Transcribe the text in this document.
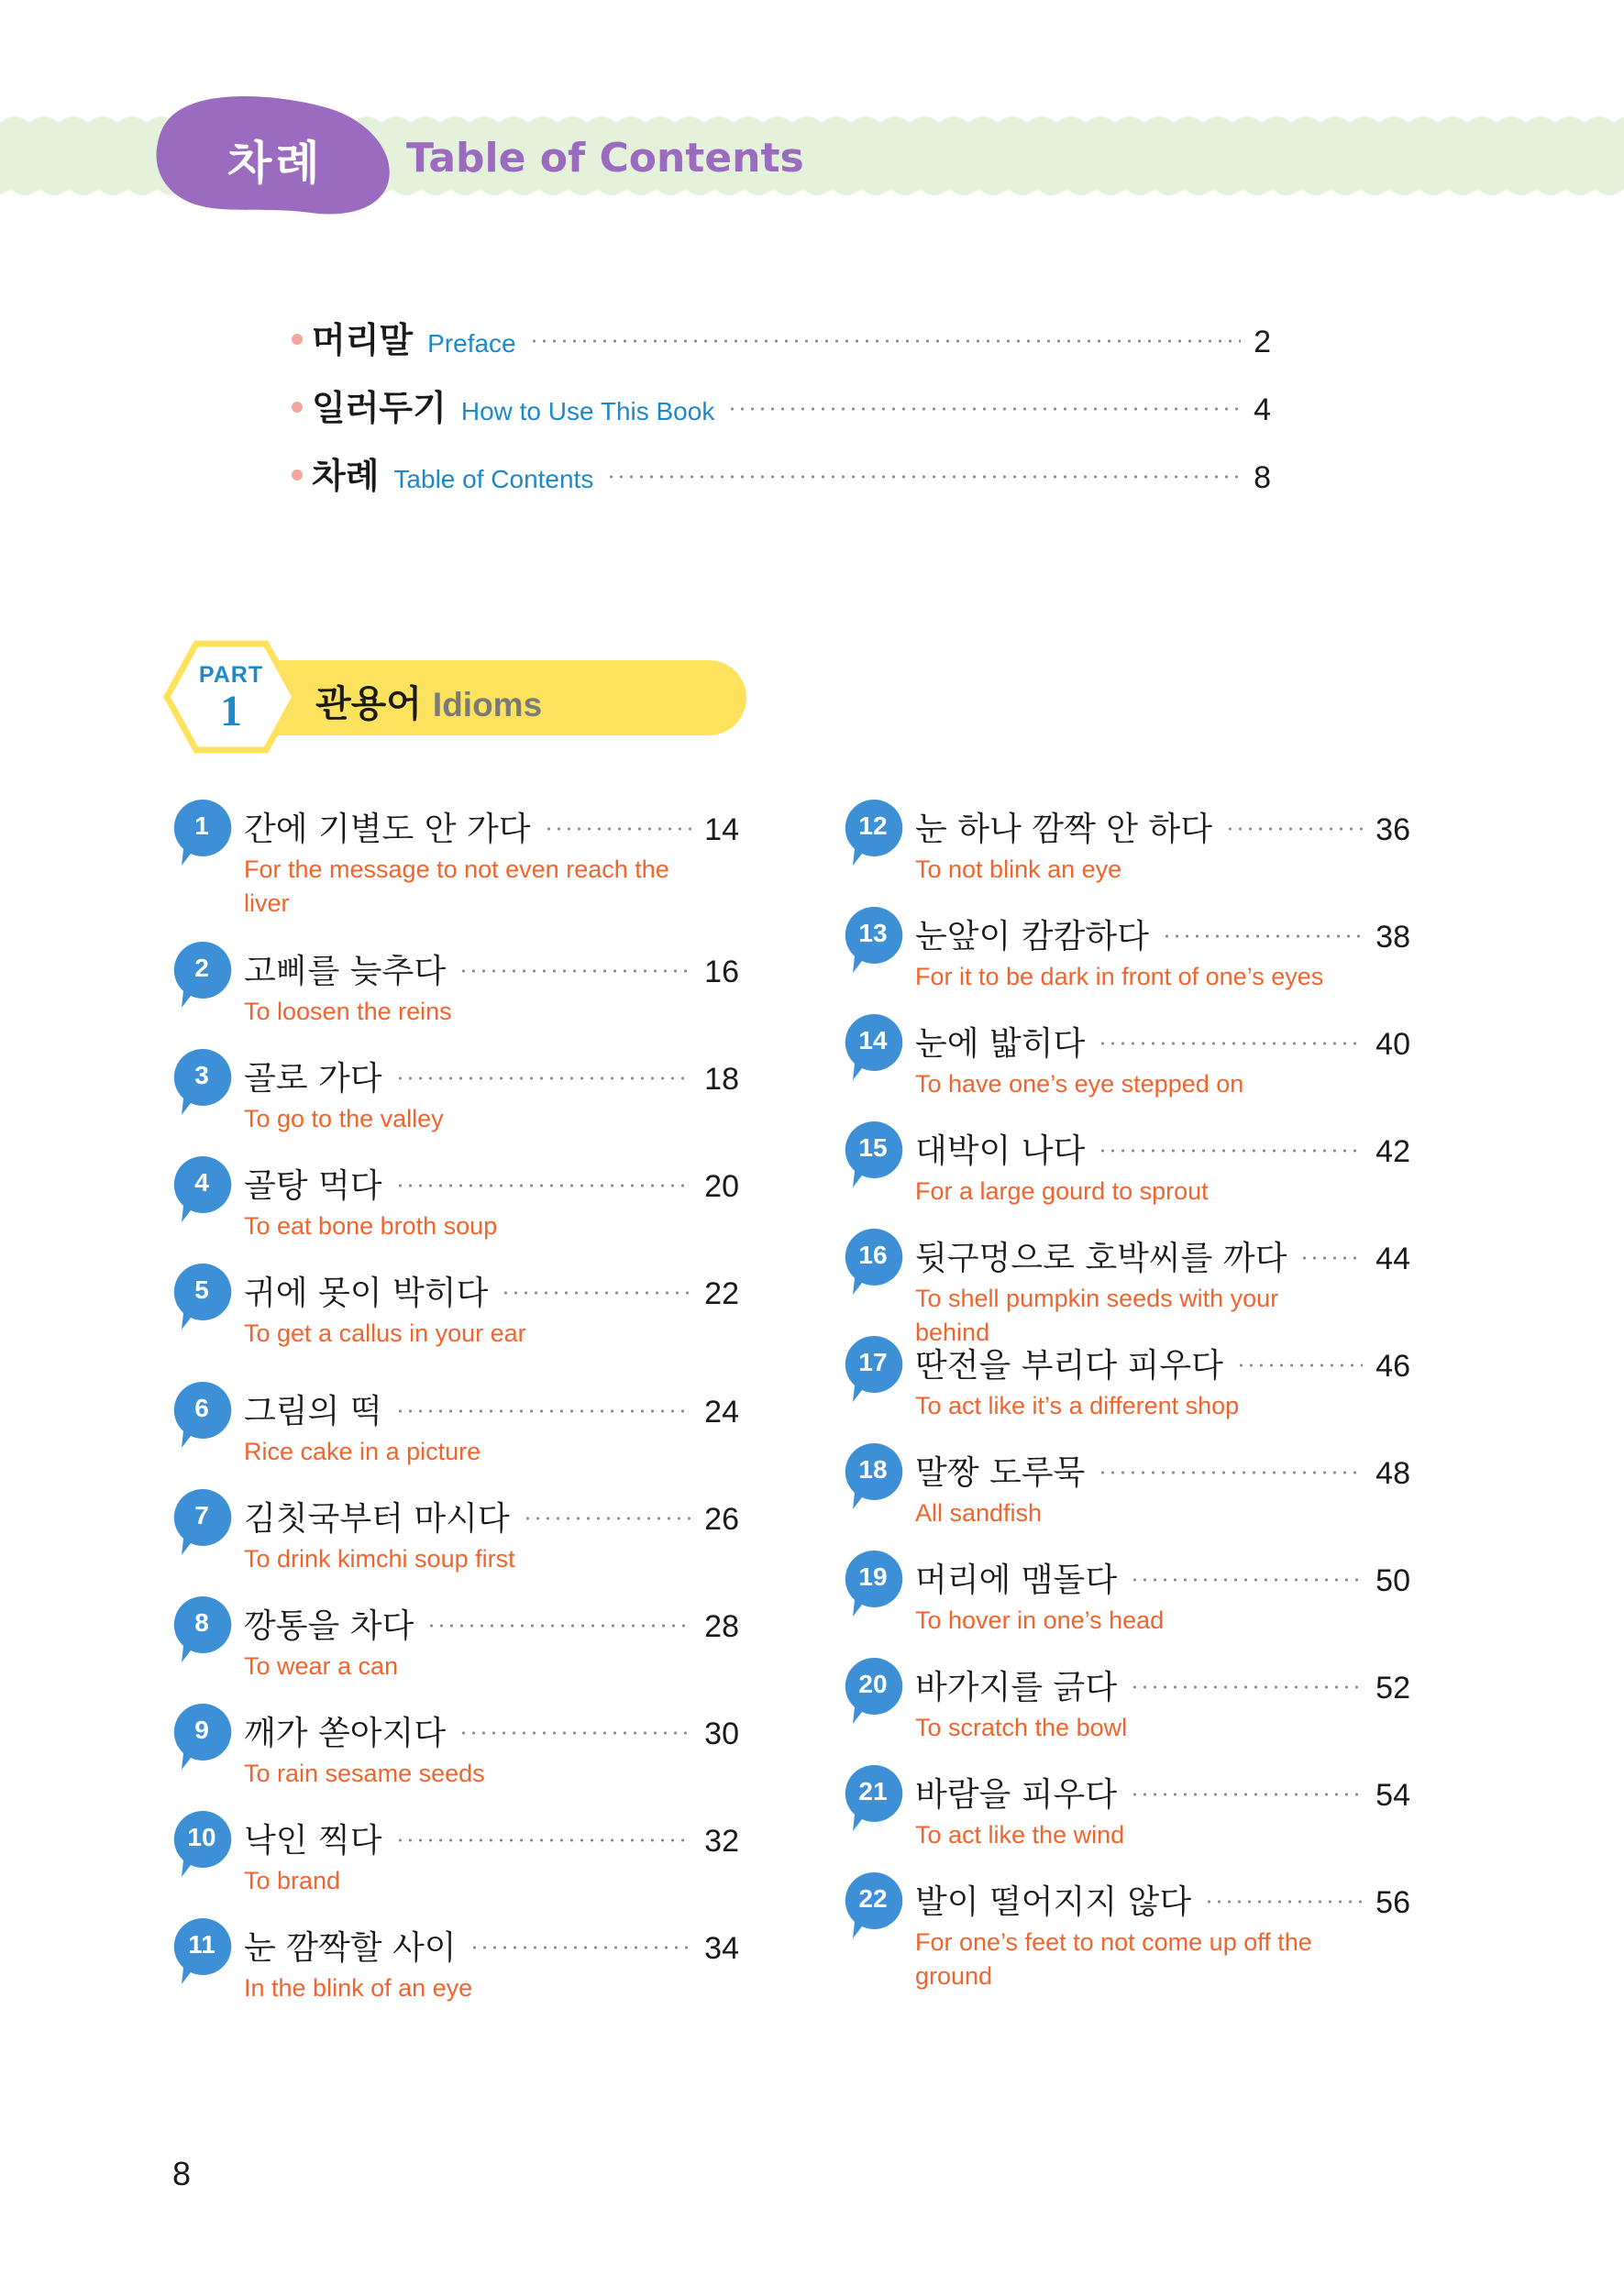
차례 Table of Contents
머리말 Preface	2
일러두기 How to Use This Book	4
차례 Table of Contents	8
PART
1	관용어 Idioms
1	간에 기별도 안 가다	14
For the message to not even reach the liver
2	고삐를 늦추다	16
To loosen the reins
3	골로 가다	18
To go to the valley
4	골탕 먹다	20
To eat bone broth soup
5	귀에 못이 박히다	22
To get a callus in your ear
6	그림의 떡	24
Rice cake in a picture
7	김칫국부터 마시다	26
To drink kimchi soup first
8	깡통을 차다	28
To wear a can
9	깨가 쏟아지다	30
To rain sesame seeds
10 낙인 찍다	32
To brand
11 눈 깜짝할 사이	34
In the blink of an eye
12 눈 하나 깜짝 안 하다	36
To not blink an eye
13 눈앞이 캄캄하다	38
For it to be dark in front of one’s eyes
14 눈에 밟히다	40
To have one’s eye stepped on
15 대박이 나다	42
For a large gourd to sprout
16 뒷구멍으로 호박씨를 까다	44
To shell pumpkin seeds with your behind
17 딴전을 부리다 피우다	46
To act like it’s a different shop
18 말짱 도루묵	48
All sandfish
19 머리에 맴돌다	50
To hover in one’s head
20 바가지를 긁다	52
To scratch the bowl
21 바람을 피우다	54
To act like the wind
22 발이 떨어지지 않다	56
For one’s feet to not come up off the ground
8
